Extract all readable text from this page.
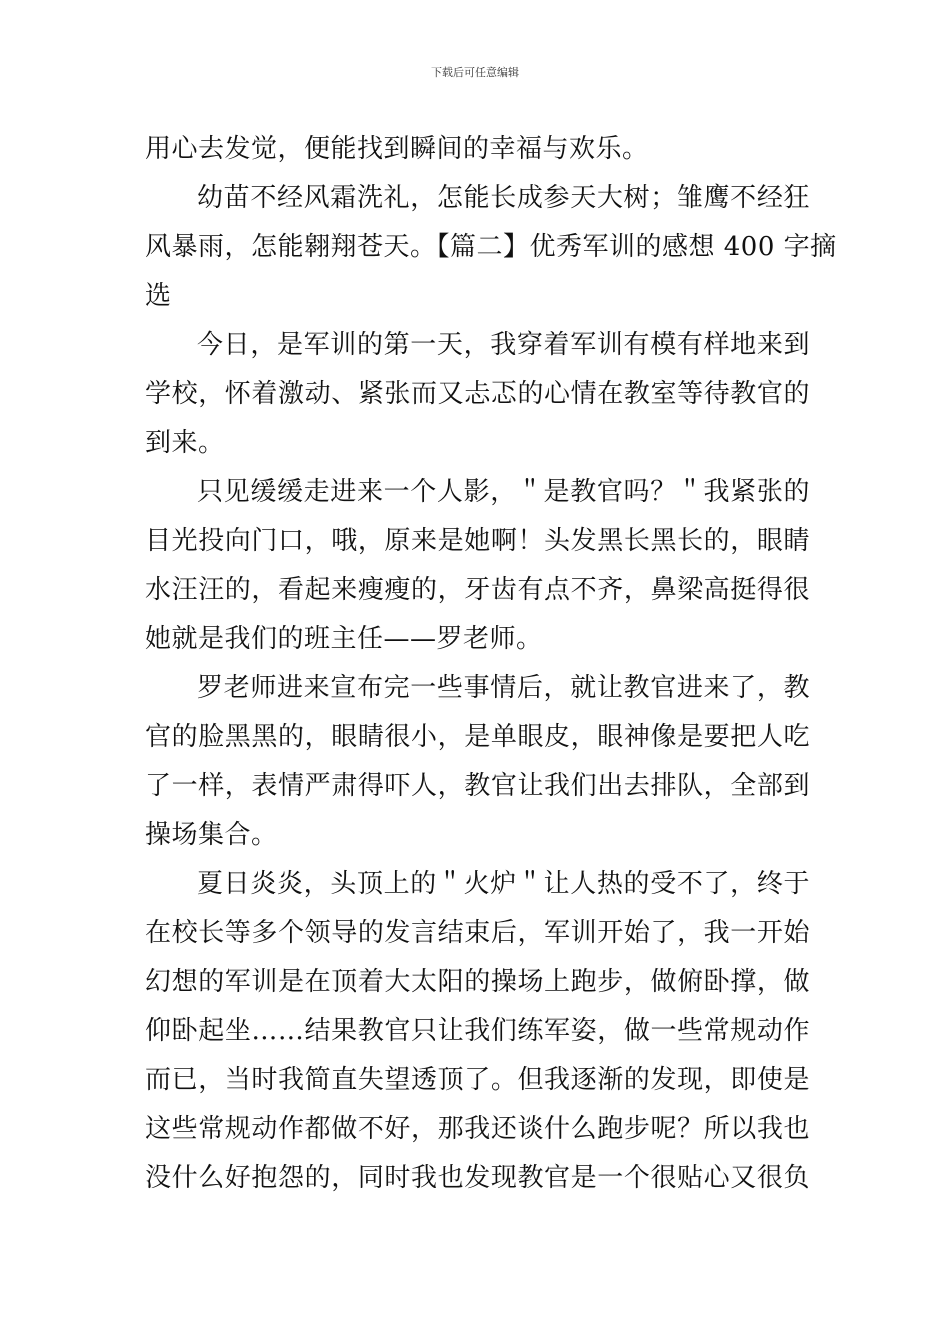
下载后可任意编辑
用心去发觉，便能找到瞬间的幸福与欢乐。
幼苗不经风霜洗礼，怎能长成参天大树；雏鹰不经狂
风暴雨，怎能翱翔苍天。【篇二】优秀军训的感想 400 字摘
选
今日，是军训的第一天，我穿着军训有模有样地来到
学校，怀着激动、紧张而又忐忑的心情在教室等待教官的
到来。
只见缓缓走进来一个人影，＂是教官吗？＂我紧张的
目光投向门口，哦，原来是她啊！头发黑长黑长的，眼睛
水汪汪的，看起来瘦瘦的，牙齿有点不齐，鼻梁高挺得很
她就是我们的班主任——罗老师。
罗老师进来宣布完一些事情后，就让教官进来了，教
官的脸黑黑的，眼睛很小，是单眼皮，眼神像是要把人吃
了一样，表情严肃得吓人，教官让我们出去排队，全部到
操场集合。
夏日炎炎，头顶上的＂火炉＂让人热的受不了，终于
在校长等多个领导的发言结束后，军训开始了，我一开始
幻想的军训是在顶着大太阳的操场上跑步，做俯卧撑，做
仰卧起坐……结果教官只让我们练军姿，做一些常规动作
而已，当时我简直失望透顶了。但我逐渐的发现，即使是
这些常规动作都做不好，那我还谈什么跑步呢？所以我也
没什么好抱怨的，同时我也发现教官是一个很贴心又很负
